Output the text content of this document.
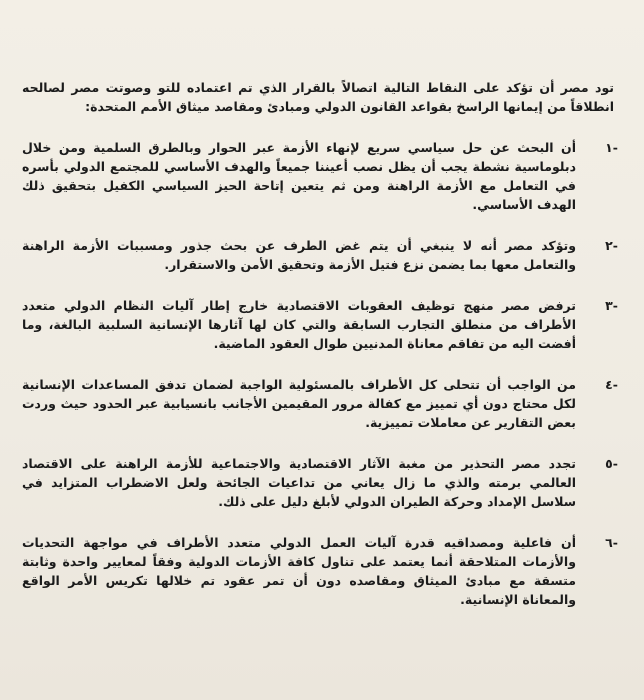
تود مصر أن تؤكد على النقاط التالية اتصالاً بالقرار الذي تم اعتماده للتو وصوتت مصر لصالحه انطلاقاً من إيمانها الراسخ بقواعد القانون الدولي ومبادئ ومقاصد ميثاق الأمم المتحدة:

-١
أن البحث عن حل سياسي سريع لإنهاء الأزمة عبر الحوار وبالطرق السلمية ومن خلال دبلوماسية نشطة يجب أن يظل نصب أعيننا جميعاً والهدف الأساسي للمجتمع الدولي بأسره في التعامل مع الأزمة الراهنة ومن ثم يتعين إتاحة الحيز السياسي الكفيل بتحقيق ذلك الهدف الأساسي.
-٢
وتؤكد مصر أنه لا ينبغي أن يتم غض الطرف عن بحث جذور ومسببات الأزمة الراهنة والتعامل معها بما يضمن نزع فتيل الأزمة وتحقيق الأمن والاستقرار.
-٣
ترفض مصر منهج توظيف العقوبات الاقتصادية خارج إطار آليات النظام الدولي متعدد الأطراف من منطلق التجارب السابقة والتي كان لها آثارها الإنسانية السلبية البالغة، وما أفضت اليه من تفاقم معاناة المدنيين طوال العقود الماضية.
-٤
من الواجب أن تتحلى كل الأطراف بالمسئولية الواجبة لضمان تدفق المساعدات الإنسانية لكل محتاج دون أي تمييز مع كفالة مرور المقيمين الأجانب بانسيابية عبر الحدود حيث وردت بعض التقارير عن معاملات تمييزية.
-٥
تجدد مصر التحذير من مغبة الآثار الاقتصادية والاجتماعية للأزمة الراهنة على الاقتصاد العالمي برمته والذي ما زال يعاني من تداعيات الجائحة ولعل الاضطراب المتزايد في سلاسل الإمداد وحركة الطيران الدولي لأبلغ دليل على ذلك.
-٦
أن فاعلية ومصداقيه قدرة آليات العمل الدولي متعدد الأطراف في مواجهة التحديات والأزمات المتلاحقة أنما يعتمد على تناول كافة الأزمات الدولية وفقاً لمعايير واحدة وثابتة متسقة مع مبادئ الميثاق ومقاصده دون أن تمر عقود تم خلالها تكريس الأمر الواقع والمعاناة الإنسانية.
